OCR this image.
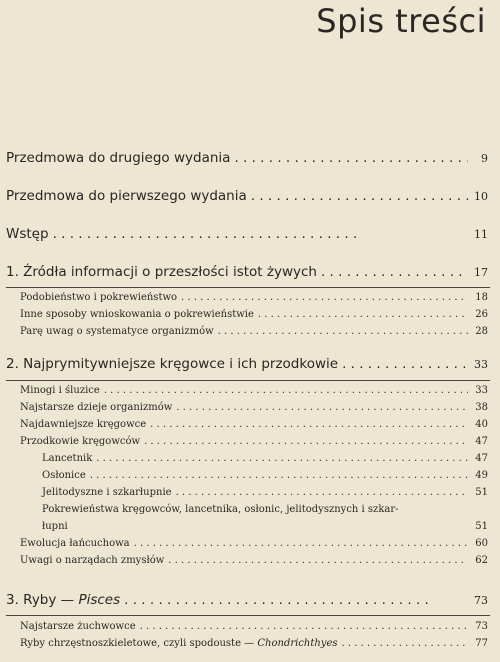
Spis treści
Przedmowa do drugiego wydania . .	9
Przedmowa do pierwszego wydania . .	10
Wstęp . .	11
1. Źródła informacji o przeszłości istot żywych . .	17
Podobieństwo i pokrewieństwo . . .	18
Inne sposoby wnioskowania o pokrewieństwie . . .	26
Parę uwag o systematyce organizmów . . .	28
2. Najprymitywniejsze kręgowce i ich przodkowie . .	33
Minogi i śluzice . . .	33
Najstarsze dzieje organizmów . . .	38
Najdawniejsze kręgowce . . .	40
Przodkowie kręgowców . . .	47
Lancetnik . . .	47
Osłonice . . .	49
Jelitodyszne i szkarłupnie . . .	51
Pokrewieństwa kręgowców, lancetnika, osłonic, jelitodysznych i szkar-
łupni	51
Ewolucja łańcuchowa . . .	60
Uwagi o narządach zmysłów . . .	62
3. Ryby — Pisces . .	73
Najstarsze żuchwowce . . .	73
Ryby chrzęstnoszkieletowe, czyli spodouste — Chondrichthyes . . .	77
